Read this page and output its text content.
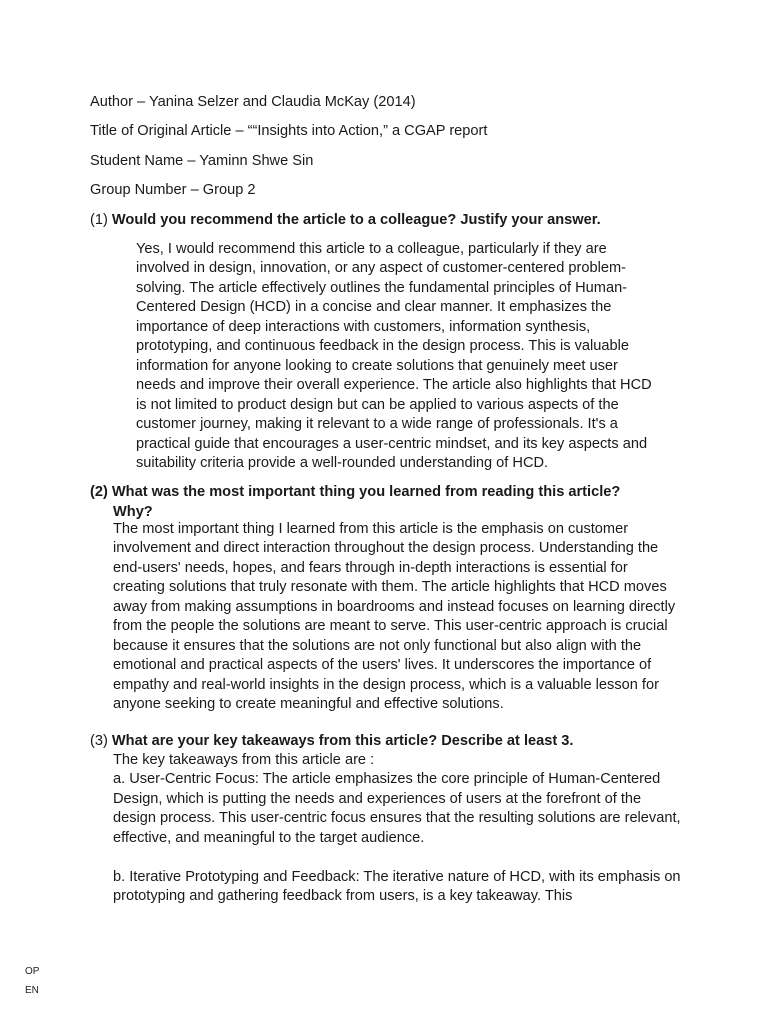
Author – Yanina Selzer and Claudia McKay (2014)
Title of Original Article – ““Insights into Action,” a CGAP report
Student Name – Yaminn Shwe Sin
Group Number – Group 2
(1) Would you recommend the article to a colleague? Justify your answer.

Yes, I would recommend this article to a colleague, particularly if they are involved in design, innovation, or any aspect of customer-centered problem-solving. The article effectively outlines the fundamental principles of Human-Centered Design (HCD) in a concise and clear manner. It emphasizes the importance of deep interactions with customers, information synthesis, prototyping, and continuous feedback in the design process. This is valuable information for anyone looking to create solutions that genuinely meet user needs and improve their overall experience. The article also highlights that HCD is not limited to product design but can be applied to various aspects of the customer journey, making it relevant to a wide range of professionals. It's a practical guide that encourages a user-centric mindset, and its key aspects and suitability criteria provide a well-rounded understanding of HCD.

(2) What was the most important thing you learned from reading this article?
Why?

The most important thing I learned from this article is the emphasis on customer involvement and direct interaction throughout the design process. Understanding the end-users' needs, hopes, and fears through in-depth interactions is essential for creating solutions that truly resonate with them. The article highlights that HCD moves away from making assumptions in boardrooms and instead focuses on learning directly from the people the solutions are meant to serve. This user-centric approach is crucial because it ensures that the solutions are not only functional but also align with the emotional and practical aspects of the users' lives. It underscores the importance of empathy and real-world insights in the design process, which is a valuable lesson for anyone seeking to create meaningful and effective solutions.

(3) What are your key takeaways from this article? Describe at least 3.

The key takeaways from this article are :

a. User-Centric Focus: The article emphasizes the core principle of Human-Centered Design, which is putting the needs and experiences of users at the forefront of the design process. This user-centric focus ensures that the resulting solutions are relevant, effective, and meaningful to the target audience.

b. Iterative Prototyping and Feedback: The iterative nature of HCD, with its emphasis on prototyping and gathering feedback from users, is a key takeaway. This

OP
EN
